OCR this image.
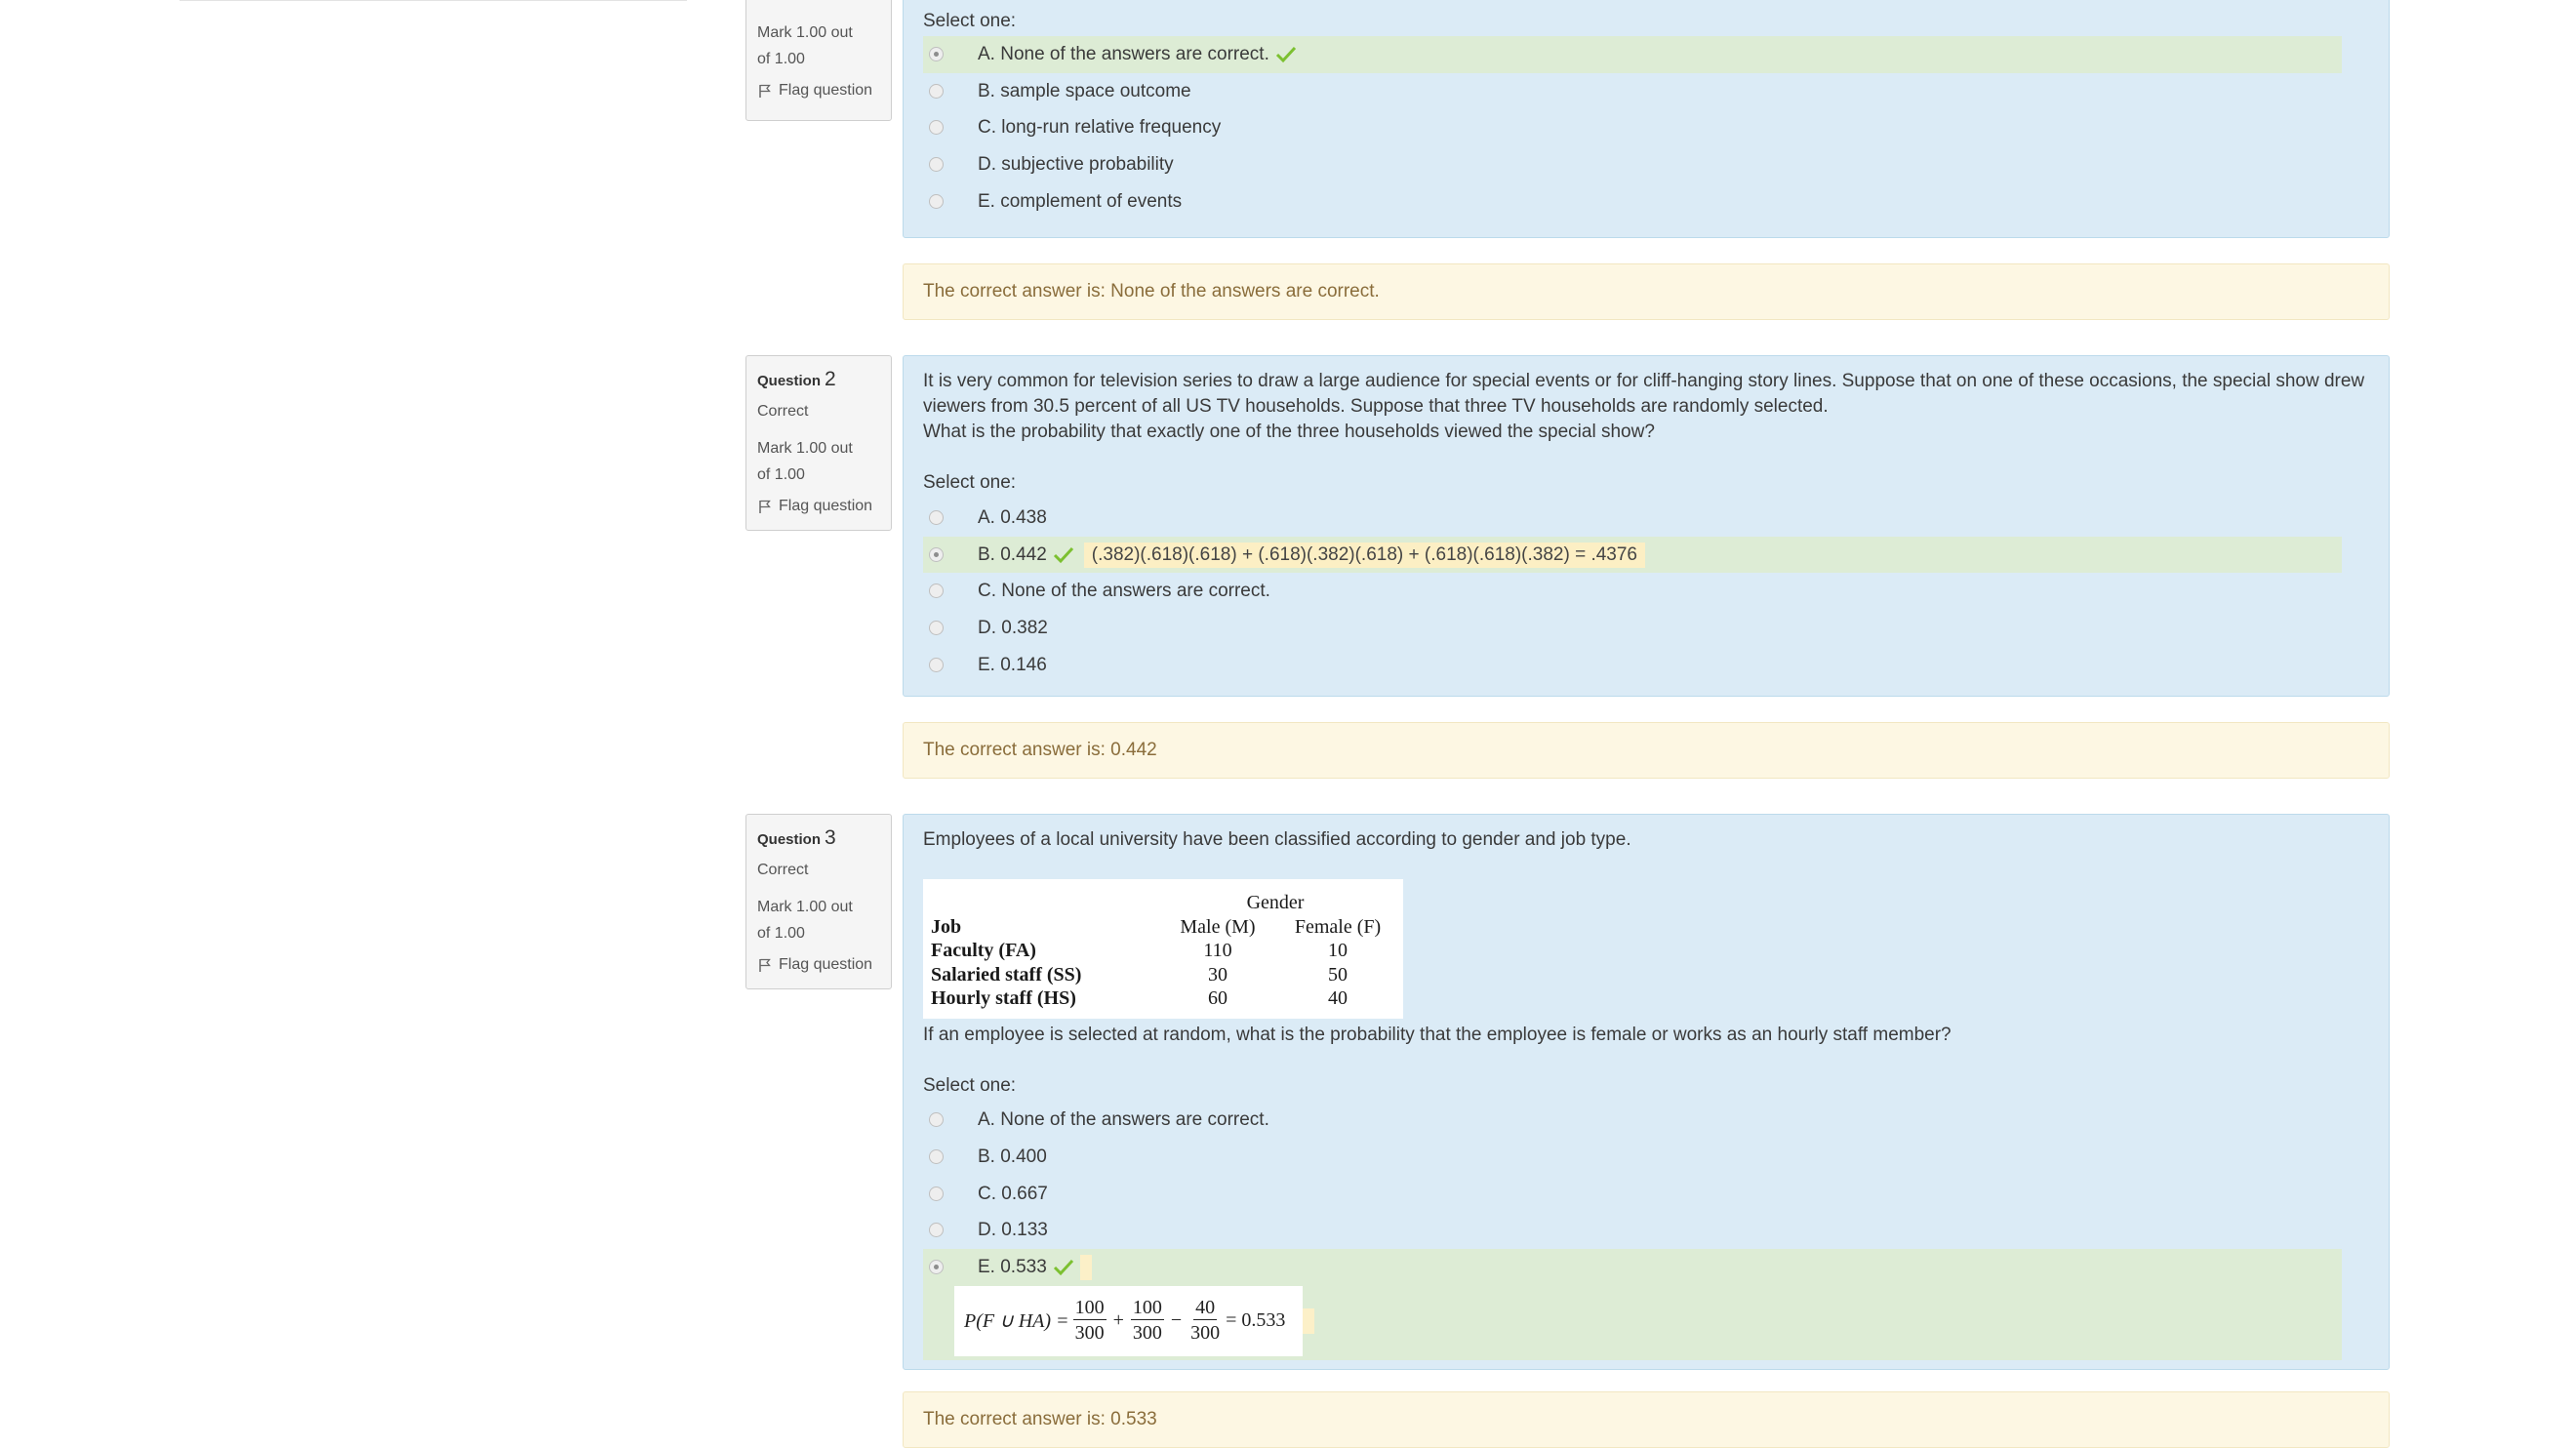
Mark 1.00 out of 1.00
Flag question
Select one:
A. None of the answers are correct.
B. sample space outcome
C. long-run relative frequency
D. subjective probability
E. complement of events
The correct answer is: None of the answers are correct.
Question 2
Correct
Mark 1.00 out of 1.00
Flag question

It is very common for television series to draw a large audience for special events or for cliff-hanging story lines. Suppose that on one of these occasions, the special show drew viewers from 30.5 percent of all US TV households. Suppose that three TV households are randomly selected.

What is the probability that exactly one of the three households viewed the special show?

Select one:
A. 0.438
B. 0.442	(.382)(.618)(.618) + (.618)(.382)(.618) + (.618)(.618)(.382) = .4376
C. None of the answers are correct.
D. 0.382
E. 0.146
The correct answer is: 0.442
Question 3
Correct
Mark 1.00 out of 1.00
Flag question

Employees of a local university have been classified according to gender and job type.

	Gender	
Job	Male (M)	Female (F)
Faculty (FA)	110	10
Salaried staff (SS)	30	50
Hourly staff (HS)	60	40

If an employee is selected at random, what is the probability that the employee is female or works as an hourly staff member?

Select one:
A. None of the answers are correct.
B. 0.400
C. 0.667
D. 0.133
E. 0.533
P(F ∪ $HA) = \frac{100}{300} + \frac{100}{300} - \frac{40}{300} = 0.533$
The correct answer is: 0.533
